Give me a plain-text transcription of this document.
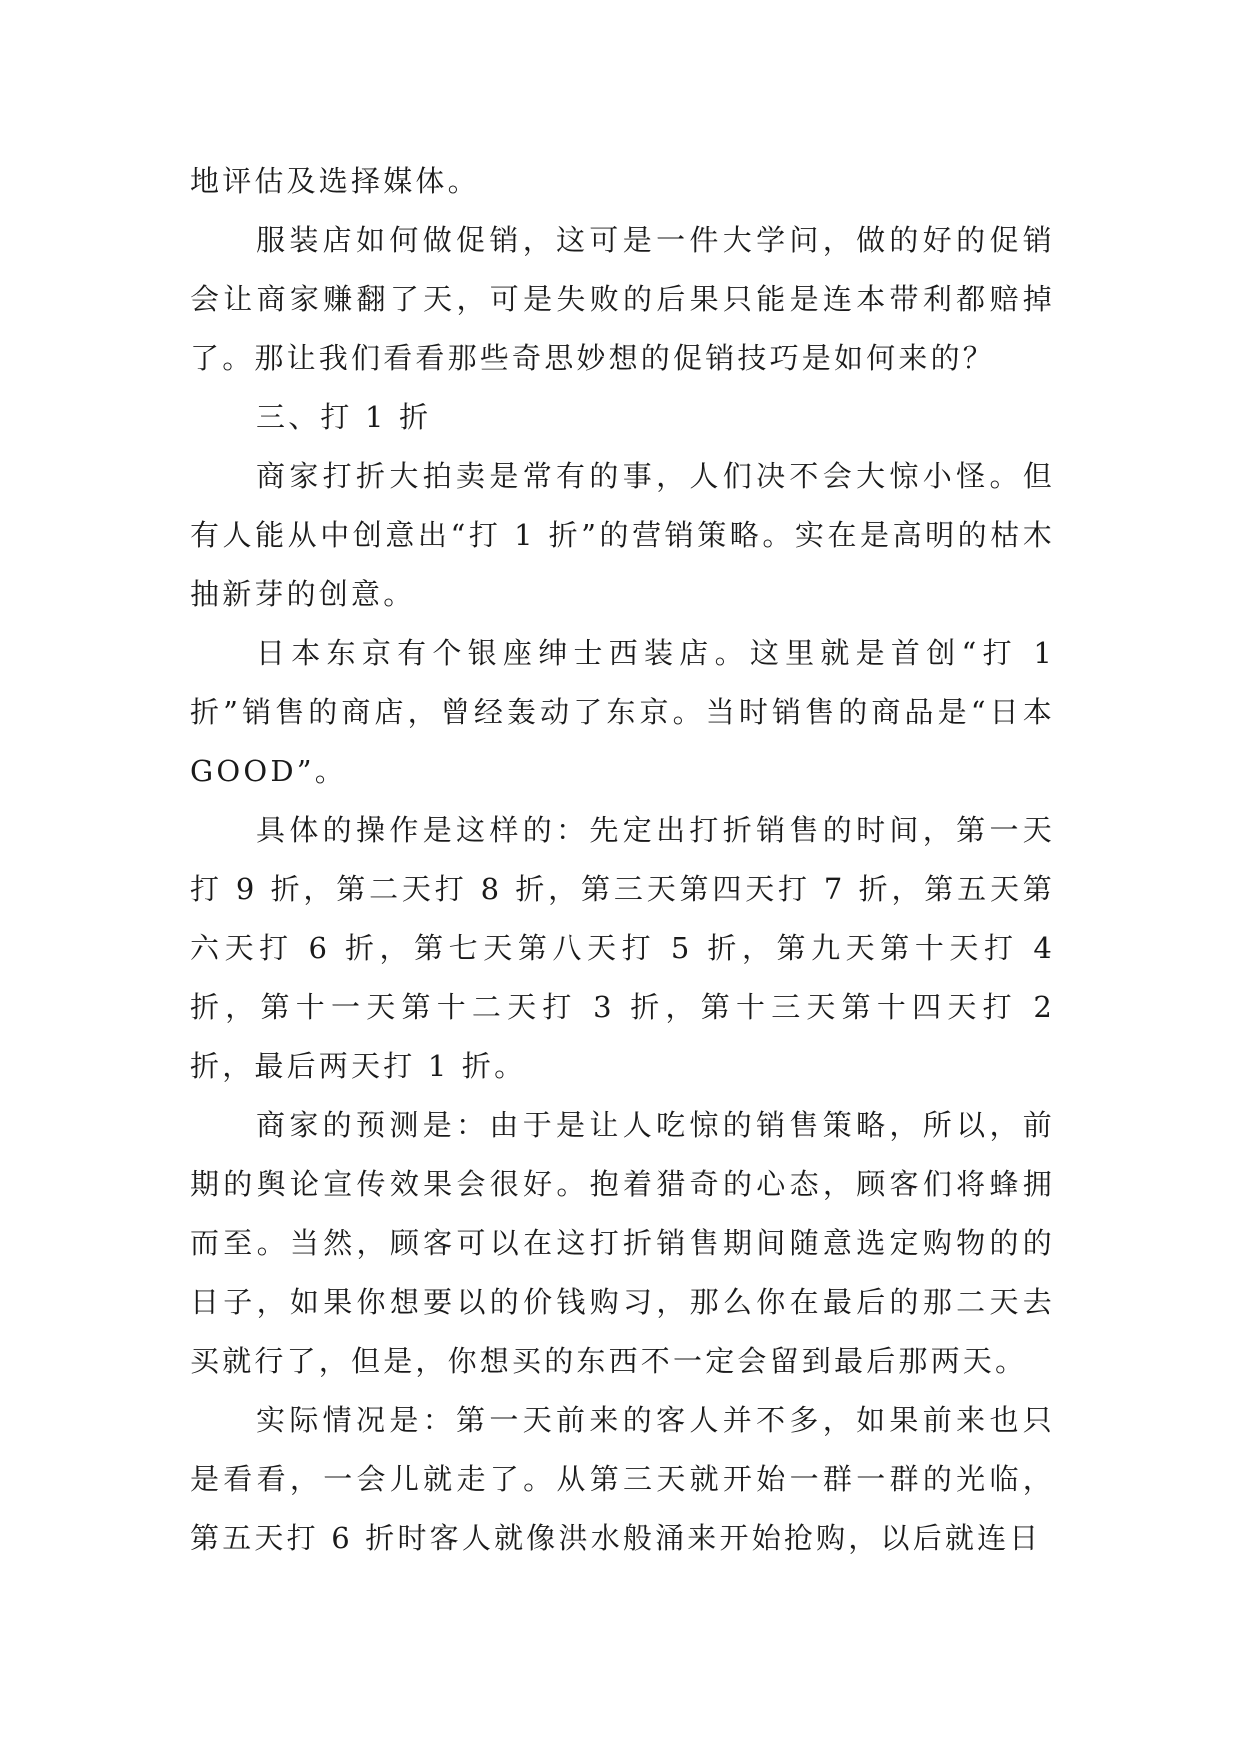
地评估及选择媒体。

服装店如何做促销，这可是一件大学问，做的好的促销会让商家赚翻了天，可是失败的后果只能是连本带利都赔掉了。那让我们看看那些奇思妙想的促销技巧是如何来的？

三、打 1 折

商家打折大拍卖是常有的事，人们决不会大惊小怪。但有人能从中创意出“打 1 折”的营销策略。实在是高明的枯木抽新芽的创意。

日本东京有个银座绅士西装店。这里就是首创“打 1 折”销售的商店，曾经轰动了东京。当时销售的商品是“日本GOOD”。

具体的操作是这样的：先定出打折销售的时间，第一天打 9 折，第二天打 8 折，第三天第四天打 7 折，第五天第六天打 6 折，第七天第八天打 5 折，第九天第十天打 4 折，第十一天第十二天打 3 折，第十三天第十四天打 2 折，最后两天打 1 折。

商家的预测是：由于是让人吃惊的销售策略，所以，前期的舆论宣传效果会很好。抱着猎奇的心态，顾客们将蜂拥而至。当然，顾客可以在这打折销售期间随意选定购物的的日子，如果你想要以的价钱购习，那么你在最后的那二天去买就行了，但是，你想买的东西不一定会留到最后那两天。

实际情况是：第一天前来的客人并不多，如果前来也只是看看，一会儿就走了。从第三天就开始一群一群的光临，第五天打 6 折时客人就像洪水般涌来开始抢购，以后就连日
